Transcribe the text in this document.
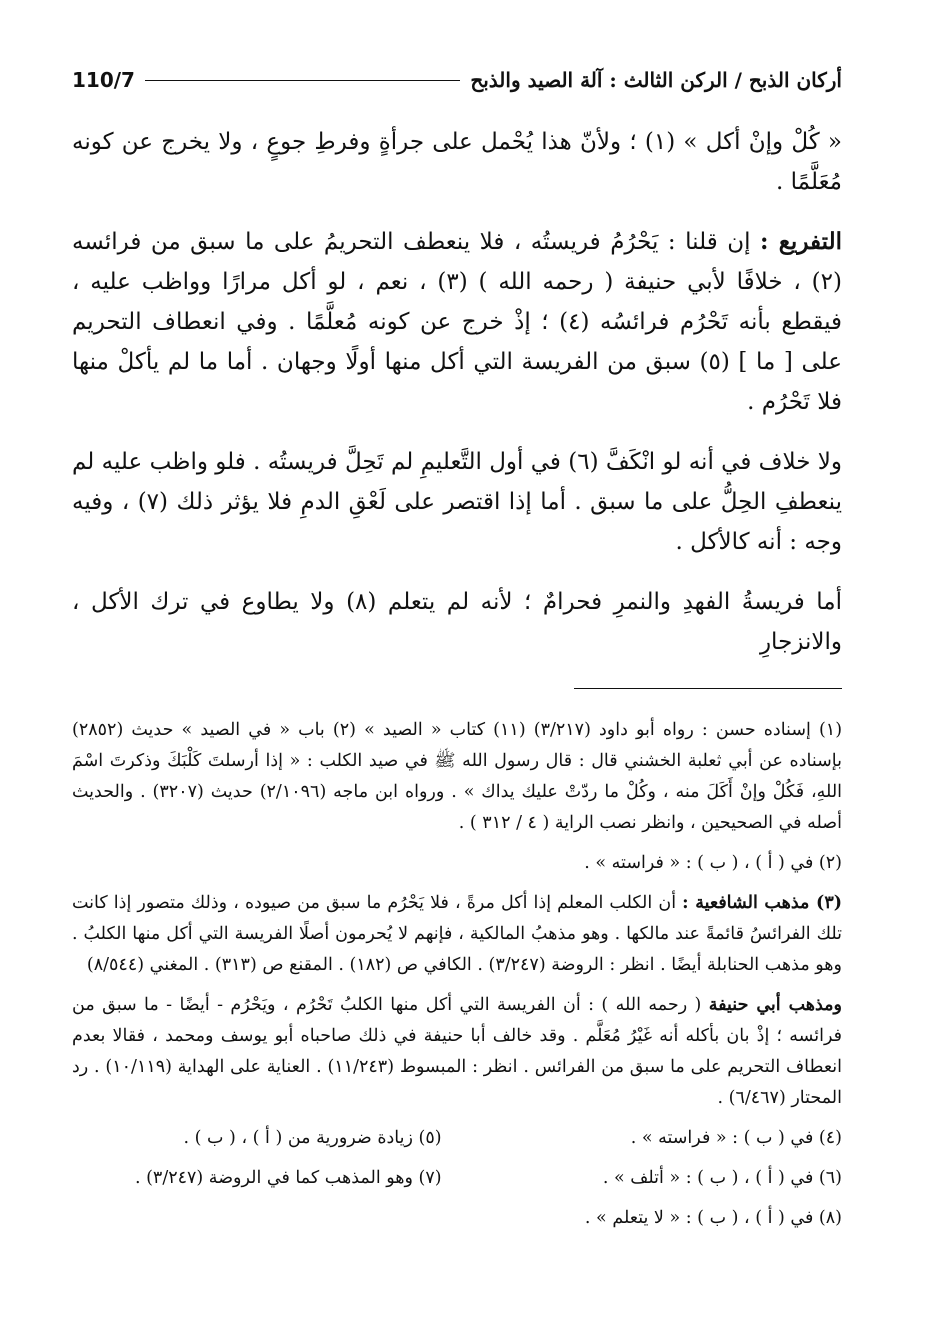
أركان الذبح / الركن الثالث : آلة الصيد والذبح
110/7

« كُلْ وإنْ أكل » (١) ؛ ولأنّ هذا يُحْمل على جرأةٍ وفرطِ جوعٍ ، ولا يخرج عن كونه مُعَلَّمًا .

التفريع : إن قلنا : يَحْرُمُ فريستُه ، فلا ينعطف التحريمُ على ما سبق من فرائسه (٢) ، خلافًا لأبي حنيفة ( رحمه الله ) (٣) ، نعم ، لو أكل مرارًا وواظب عليه ، فيقطع بأنه تَحْرُم فرائسُه (٤) ؛ إذْ خرج عن كونه مُعلَّمًا . وفي انعطاف التحريم على [ ما ] (٥) سبق من الفريسة التي أكل منها أولًا وجهان . أما ما لم يأكلْ منها فلا تَحْرُم .

ولا خلاف في أنه لو انْكَفَّ (٦) في أول التَّعليمِ لم تَحِلَّ فريستُه . فلو واظب عليه لم ينعطفِ الحِلُّ على ما سبق . أما إذا اقتصر على لَعْقِ الدمِ فلا يؤثر ذلك (٧) ، وفيه وجه : أنه كالأكل .

أما فريسةُ الفهدِ والنمرِ فحرامٌ ؛ لأنه لم يتعلم (٨) ولا يطاوع في ترك الأكل ، والانزجارِ

(١) إسناده حسن : رواه أبو داود (٣/٢١٧) (١١) كتاب « الصيد » (٢) باب « في الصيد » حديث (٢٨٥٢) بإسناده عن أبي ثعلبة الخشني قال : قال رسول الله ﷺ في صيد الكلب : « إذا أرسلتَ كَلْبَكَ وذكرتَ اسْمَ اللهِ، فَكُلْ وإنْ أَكَلَ منه ، وكُلْ ما ردّتْ عليك يداك » . ورواه ابن ماجه (٢/١٠٩٦) حديث (٣٢٠٧) . والحديث أصله في الصحيحين ، وانظر نصب الراية ( ٤ / ٣١٢ ) .

(٢) في ( أ ) ، ( ب ) : « فراسته » .

(٣) مذهب الشافعية : أن الكلب المعلم إذا أكل مرةً ، فلا يَحْرُم ما سبق من صيوده ، وذلك متصور إذا كانت تلك الفرائسُ قائمةً عند مالكها . وهو مذهبُ المالكية ، فإنهم لا يُحرمون أصلًا الفريسة التي أكل منها الكلبُ . وهو مذهب الحنابلة أيضًا . انظر : الروضة (٣/٢٤٧) . الكافي ص (١٨٢) . المقنع ص (٣١٣) . المغني (٨/٥٤٤)

ومذهب أبي حنيفة ( رحمه الله ) : أن الفريسة التي أكل منها الكلبُ تَحْرُم ، ويَحْرُم - أيضًا - ما سبق من فرائسه ؛ إذْ بان بأكله أنه غَيْرُ مُعَلَّم . وقد خالف أبا حنيفة في ذلك صاحباه أبو يوسف ومحمد ، فقالا بعدم انعطاف التحريم على ما سبق من الفرائس . انظر : المبسوط (١١/٢٤٣) . العناية على الهداية (١٠/١١٩) . رد المحتار (٦/٤٦٧) .

(٤) في ( ب ) : « فراسته » .
(٥) زيادة ضرورية من ( أ ) ، ( ب ) .
(٦) في ( أ ) ، ( ب ) : « أتلف » .
(٧) وهو المذهب كما في الروضة (٣/٢٤٧) .

(٨) في ( أ ) ، ( ب ) : « لا يتعلم » .
